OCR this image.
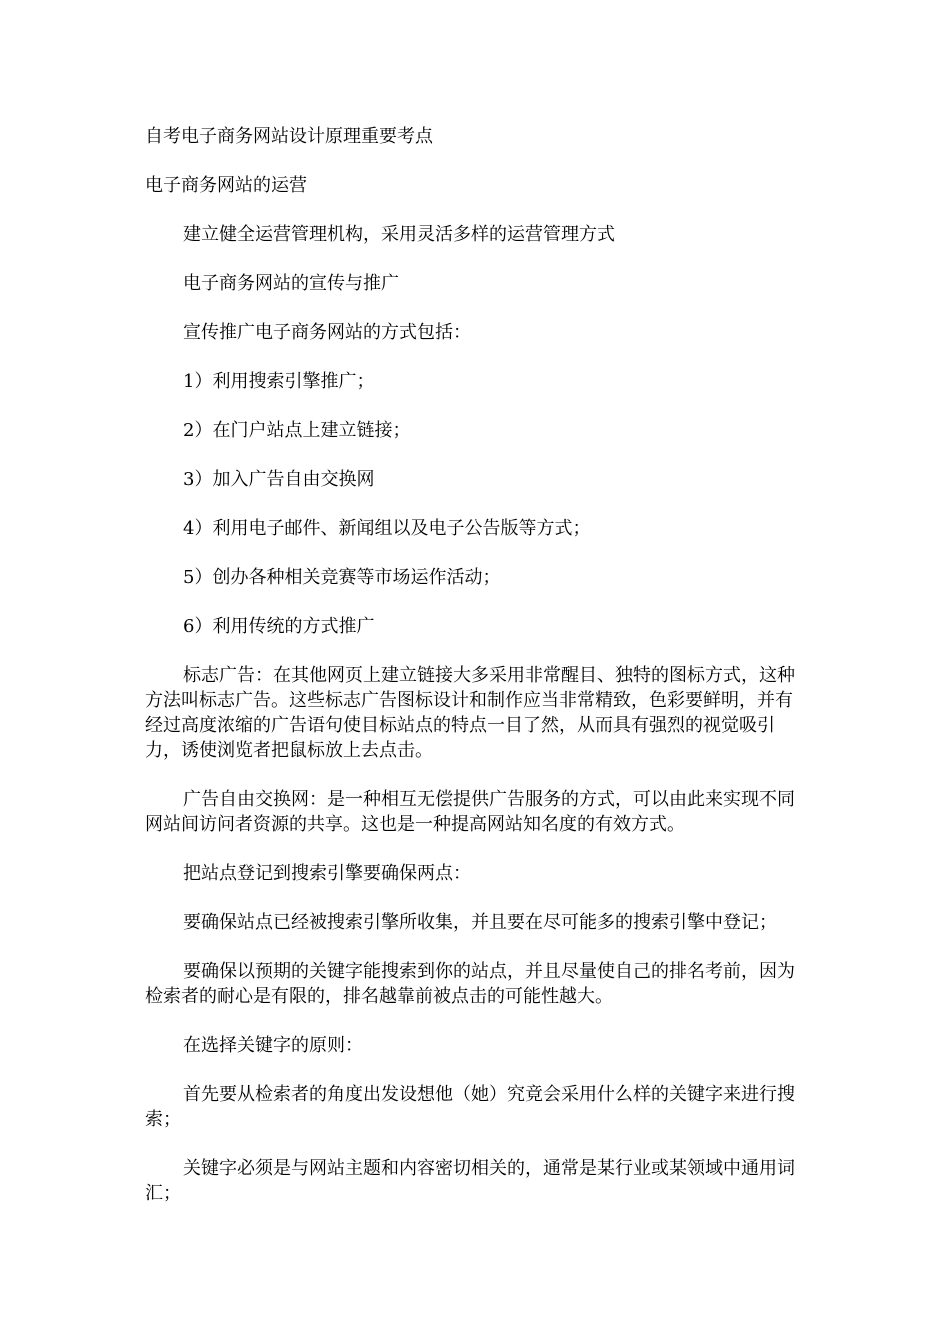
自考电子商务网站设计原理重要考点
电子商务网站的运营
建立健全运营管理机构，采用灵活多样的运营管理方式
电子商务网站的宣传与推广
宣传推广电子商务网站的方式包括：
1）利用搜索引擎推广；
2）在门户站点上建立链接；
3）加入广告自由交换网
4）利用电子邮件、新闻组以及电子公告版等方式；
5）创办各种相关竞赛等市场运作活动；
6）利用传统的方式推广
标志广告：在其他网页上建立链接大多采用非常醒目、独特的图标方式，这种方法叫标志广告。这些标志广告图标设计和制作应当非常精致，色彩要鲜明，并有经过高度浓缩的广告语句使目标站点的特点一目了然，从而具有强烈的视觉吸引力，诱使浏览者把鼠标放上去点击。
广告自由交换网：是一种相互无偿提供广告服务的方式，可以由此来实现不同网站间访问者资源的共享。这也是一种提高网站知名度的有效方式。
把站点登记到搜索引擎要确保两点：
要确保站点已经被搜索引擎所收集，并且要在尽可能多的搜索引擎中登记；
要确保以预期的关键字能搜索到你的站点，并且尽量使自己的排名考前，因为检索者的耐心是有限的，排名越靠前被点击的可能性越大。
在选择关键字的原则：
首先要从检索者的角度出发设想他（她）究竟会采用什么样的关键字来进行搜索；
关键字必须是与网站主题和内容密切相关的，通常是某行业或某领域中通用词汇；
